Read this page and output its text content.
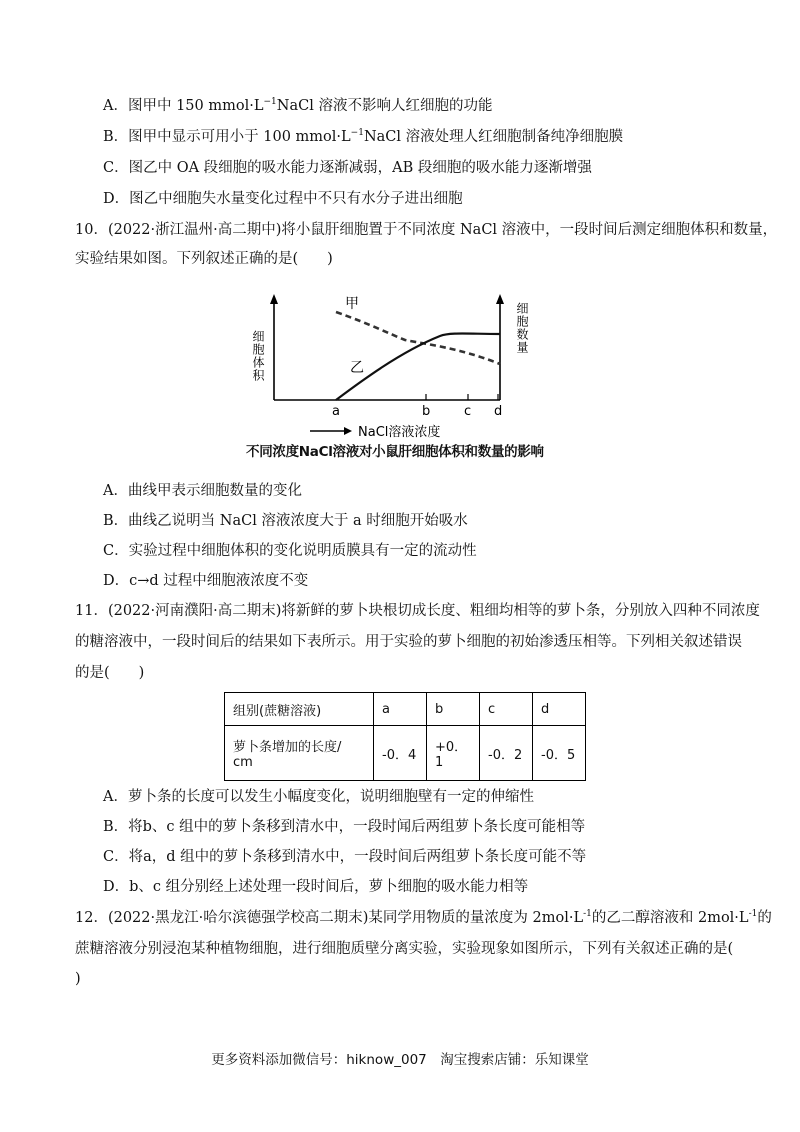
A．图甲中 150 $mmol\cdot L^{-1}NaCl$ 溶液不影响人红细胞的功能
B．图甲中显示可用小于 100 $mmol\cdot L^{-1}NaCl$ 溶液处理人红细胞制备纯净细胞膜
C．图乙中 OA 段细胞的吸水能力逐渐减弱，AB 段细胞的吸水能力逐渐增强
D．图乙中细胞失水量变化过程中不只有水分子进出细胞
10．(2022·浙江温州·高二期中)将小鼠肝细胞置于不同浓度 NaCl 溶液中，一段时间后测定细胞体积和数量，
实验结果如图。下列叙述正确的是(　　)
细胞体积
细胞数量
甲
乙
a	b	c d
NaCl溶液浓度
不同浓度NaCl溶液对小鼠肝细胞体积和数量的影响
A．曲线甲表示细胞数量的变化
B．曲线乙说明当 NaCl 溶液浓度大于 a 时细胞开始吸水
C．实验过程中细胞体积的变化说明质膜具有一定的流动性
D．c→d 过程中细胞液浓度不变
11．(2022·河南濮阳·高二期末)将新鲜的萝卜块根切成长度、粗细均相等的萝卜条，分别放入四种不同浓度
的糖溶液中，一段时间后的结果如下表所示。用于实验的萝卜细胞的初始渗透压相等。下列相关叙述错误
的是(　　)
组别(蔗糖溶液)	a	b	c	d
萝卜条增加的长度/
cm	-0．4	+0．1	-0．2	-0．5
A．萝卜条的长度可以发生小幅度变化，说明细胞壁有一定的伸缩性
B．将b、c 组中的萝卜条移到清水中，一段时闻后两组萝卜条长度可能相等
C．将a，d 组中的萝卜条移到清水中，一段时间后两组萝卜条长度可能不等
D．b、c 组分别经上述处理一段时间后，萝卜细胞的吸水能力相等
12．(2022·黑龙江·哈尔滨德强学校高二期末)某同学用物质的量浓度为 $2mol\cdot L^{-1}$的乙二醇溶液和 $2mol\cdot L^{-1}$的
蔗糖溶液分别浸泡某种植物细胞，进行细胞质壁分离实验，实验现象如图所示，下列有关叙述正确的是(
)
更多资料添加微信号：hiknow_007　淘宝搜索店铺：乐知课堂
